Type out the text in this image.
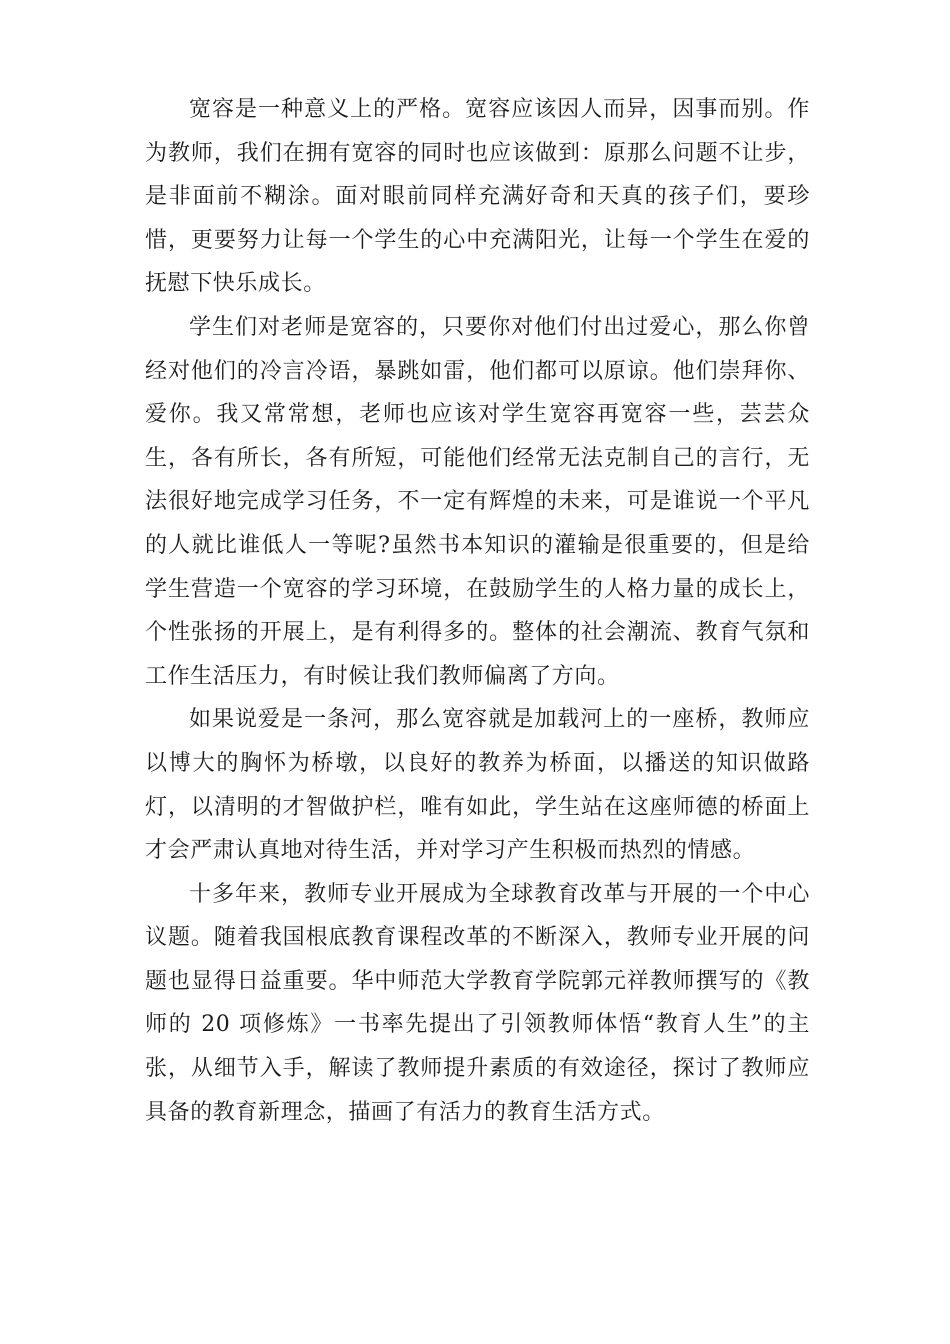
宽容是一种意义上的严格。宽容应该因人而异，因事而别。作为教师，我们在拥有宽容的同时也应该做到：原那么问题不让步，是非面前不糊涂。面对眼前同样充满好奇和天真的孩子们，要珍惜，更要努力让每一个学生的心中充满阳光，让每一个学生在爱的抚慰下快乐成长。

学生们对老师是宽容的，只要你对他们付出过爱心，那么你曾经对他们的冷言冷语，暴跳如雷，他们都可以原谅。他们崇拜你、爱你。我又常常想，老师也应该对学生宽容再宽容一些，芸芸众生，各有所长，各有所短，可能他们经常无法克制自己的言行，无法很好地完成学习任务，不一定有辉煌的未来，可是谁说一个平凡的人就比谁低人一等呢?虽然书本知识的灌输是很重要的，但是给学生营造一个宽容的学习环境，在鼓励学生的人格力量的成长上，个性张扬的开展上，是有利得多的。整体的社会潮流、教育气氛和工作生活压力，有时候让我们教师偏离了方向。

如果说爱是一条河，那么宽容就是加载河上的一座桥，教师应以博大的胸怀为桥墩，以良好的教养为桥面，以播送的知识做路灯，以清明的才智做护栏，唯有如此，学生站在这座师德的桥面上才会严肃认真地对待生活，并对学习产生积极而热烈的情感。

十多年来，教师专业开展成为全球教育改革与开展的一个中心议题。随着我国根底教育课程改革的不断深入，教师专业开展的问题也显得日益重要。华中师范大学教育学院郭元祥教师撰写的《教师的 20 项修炼》一书率先提出了引领教师体悟“教育人生”的主张，从细节入手，解读了教师提升素质的有效途径，探讨了教师应具备的教育新理念，描画了有活力的教育生活方式。
